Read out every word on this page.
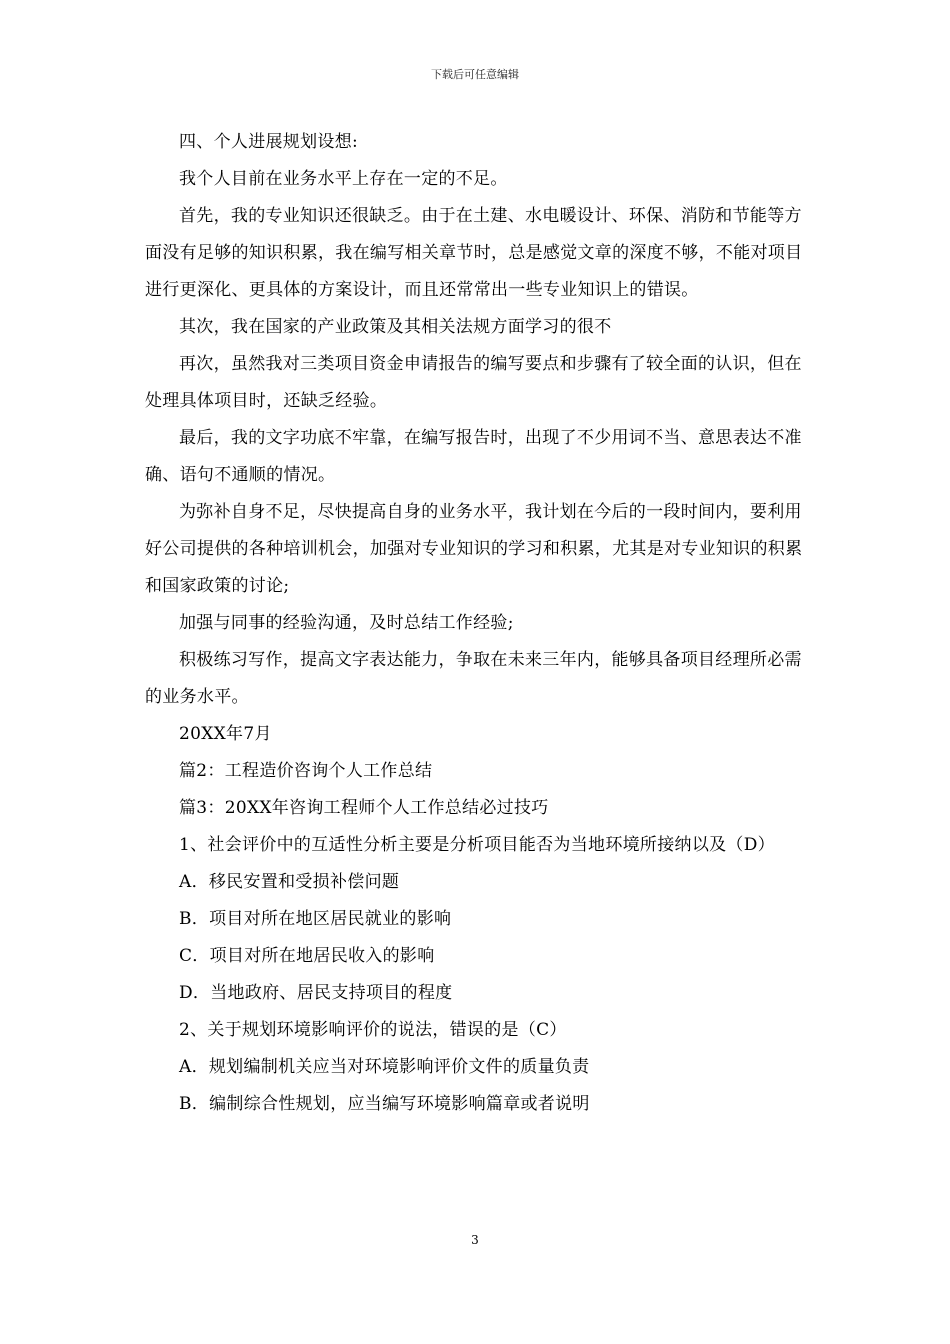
下载后可任意编辑

四、个人进展规划设想:

我个人目前在业务水平上存在一定的不足。

首先，我的专业知识还很缺乏。由于在土建、水电暖设计、环保、消防和节能等方面没有足够的知识积累，我在编写相关章节时，总是感觉文章的深度不够，不能对项目进行更深化、更具体的方案设计，而且还常常出一些专业知识上的错误。

其次，我在国家的产业政策及其相关法规方面学习的很不

再次，虽然我对三类项目资金申请报告的编写要点和步骤有了较全面的认识，但在处理具体项目时，还缺乏经验。

最后，我的文字功底不牢靠，在编写报告时，出现了不少用词不当、意思表达不准确、语句不通顺的情况。

为弥补自身不足，尽快提高自身的业务水平，我计划在今后的一段时间内，要利用好公司提供的各种培训机会，加强对专业知识的学习和积累，尤其是对专业知识的积累和国家政策的讨论;

加强与同事的经验沟通，及时总结工作经验;

积极练习写作，提高文字表达能力，争取在未来三年内，能够具备项目经理所必需的业务水平。

20XX年7月

篇2：工程造价咨询个人工作总结

篇3：20XX年咨询工程师个人工作总结必过技巧

1、社会评价中的互适性分析主要是分析项目能否为当地环境所接纳以及（D）

A．移民安置和受损补偿问题

B．项目对所在地区居民就业的影响

C．项目对所在地居民收入的影响

D．当地政府、居民支持项目的程度

2、关于规划环境影响评价的说法，错误的是（C）

A．规划编制机关应当对环境影响评价文件的质量负责

B．编制综合性规划，应当编写环境影响篇章或者说明

3
